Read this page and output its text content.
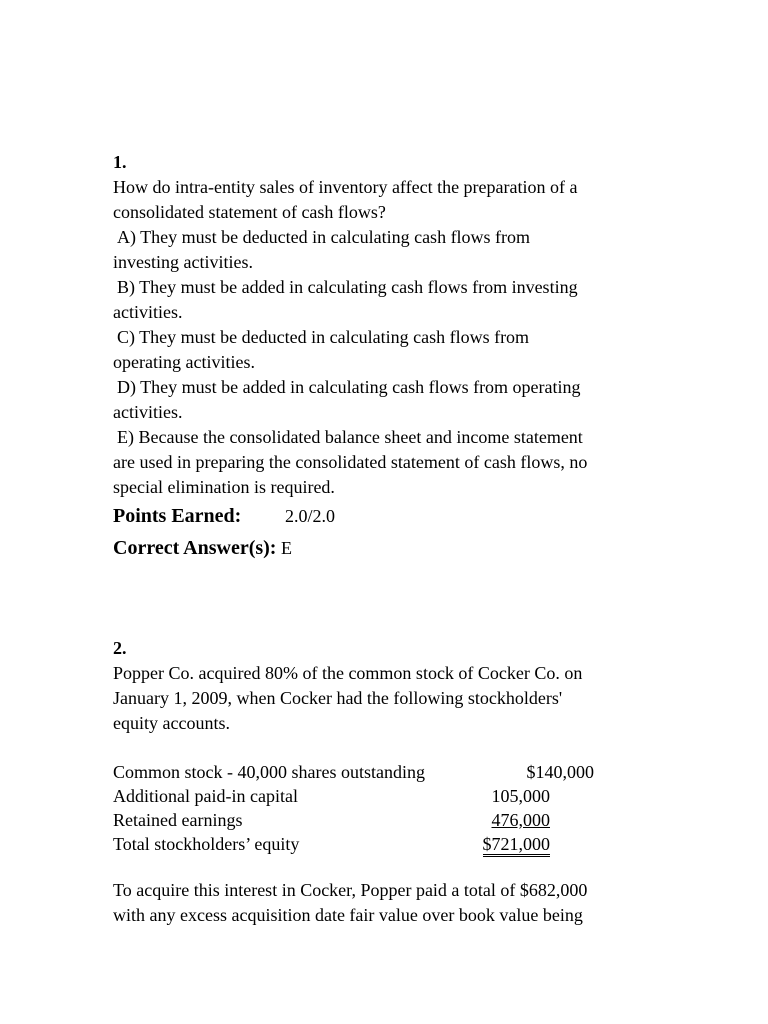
1.
How do intra-entity sales of inventory affect the preparation of a
consolidated statement of cash flows?
A) They must be deducted in calculating cash flows from
investing activities.
B) They must be added in calculating cash flows from investing
activities.
C) They must be deducted in calculating cash flows from
operating activities.
D) They must be added in calculating cash flows from operating
activities.
E) Because the consolidated balance sheet and income statement
are used in preparing the consolidated statement of cash flows, no
special elimination is required.
Points Earned: 2.0/2.0
Correct Answer(s): E
2.
Popper Co. acquired 80% of the common stock of Cocker Co. on
January 1, 2009, when Cocker had the following stockholders'
equity accounts.
Common stock - 40,000 shares outstanding	$140,000
Additional paid-in capital	105,000
Retained earnings	476,000
Total stockholders’ equity	$721,000
To acquire this interest in Cocker, Popper paid a total of $682,000
with any excess acquisition date fair value over book value being
